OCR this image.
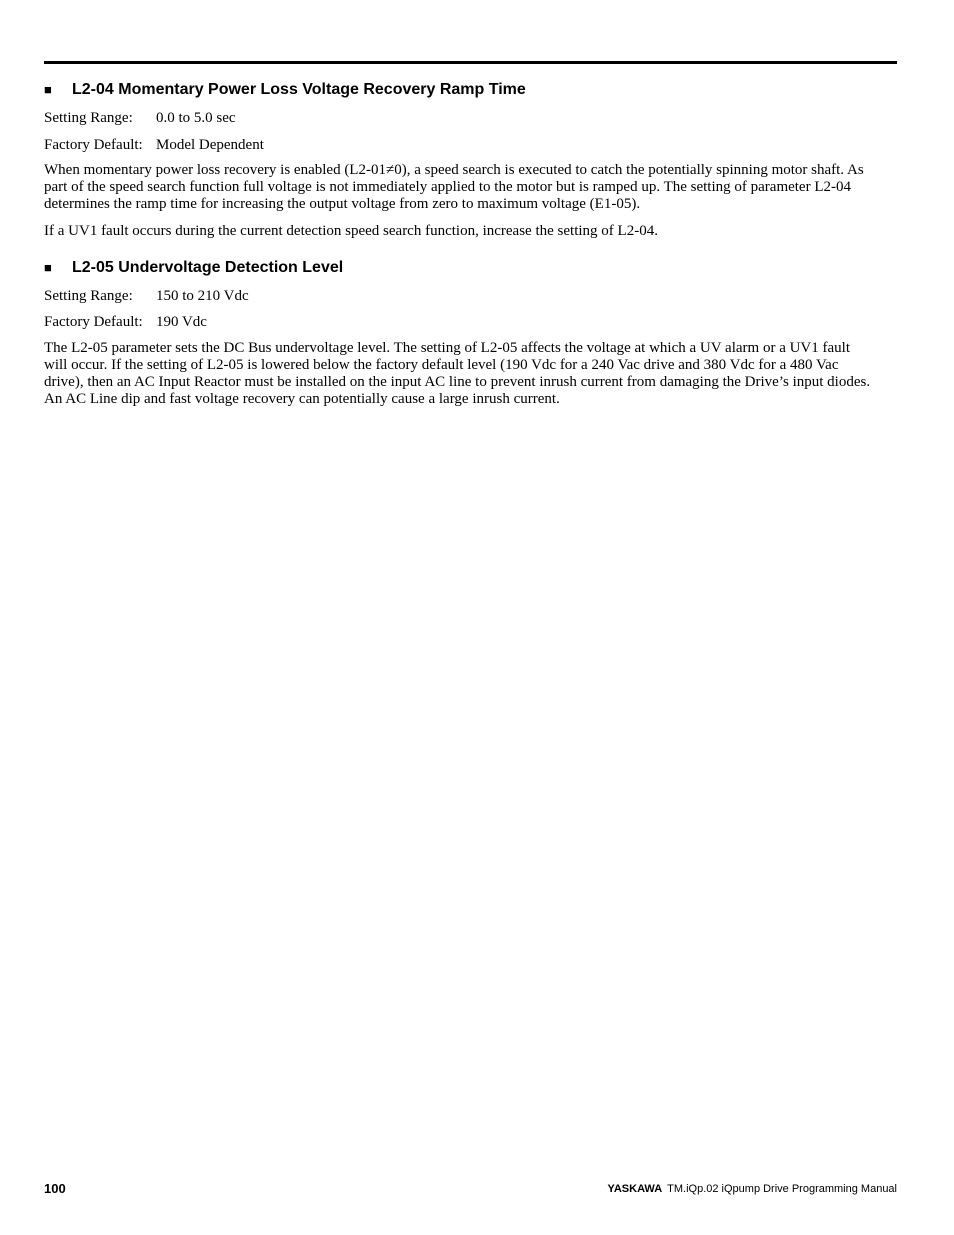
■ L2-04 Momentary Power Loss Voltage Recovery Ramp Time
Setting Range: 0.0 to 5.0 sec
Factory Default: Model Dependent

When momentary power loss recovery is enabled (L2-01≠0), a speed search is executed to catch the potentially spinning motor shaft. As
part of the speed search function full voltage is not immediately applied to the motor but is ramped up. The setting of parameter L2-04
determines the ramp time for increasing the output voltage from zero to maximum voltage (E1-05).

If a UV1 fault occurs during the current detection speed search function, increase the setting of L2-04.

■ L2-05 Undervoltage Detection Level
Setting Range: 150 to 210 Vdc
Factory Default: 190 Vdc

The L2-05 parameter sets the DC Bus undervoltage level. The setting of L2-05 affects the voltage at which a UV alarm or a UV1 fault
will occur. If the setting of L2-05 is lowered below the factory default level (190 Vdc for a 240 Vac drive and 380 Vdc for a 480 Vac
drive), then an AC Input Reactor must be installed on the input AC line to prevent inrush current from damaging the Drive’s input diodes.
An AC Line dip and fast voltage recovery can potentially cause a large inrush current.

100	YASKAWA TM.iQp.02 iQpump Drive Programming Manual
